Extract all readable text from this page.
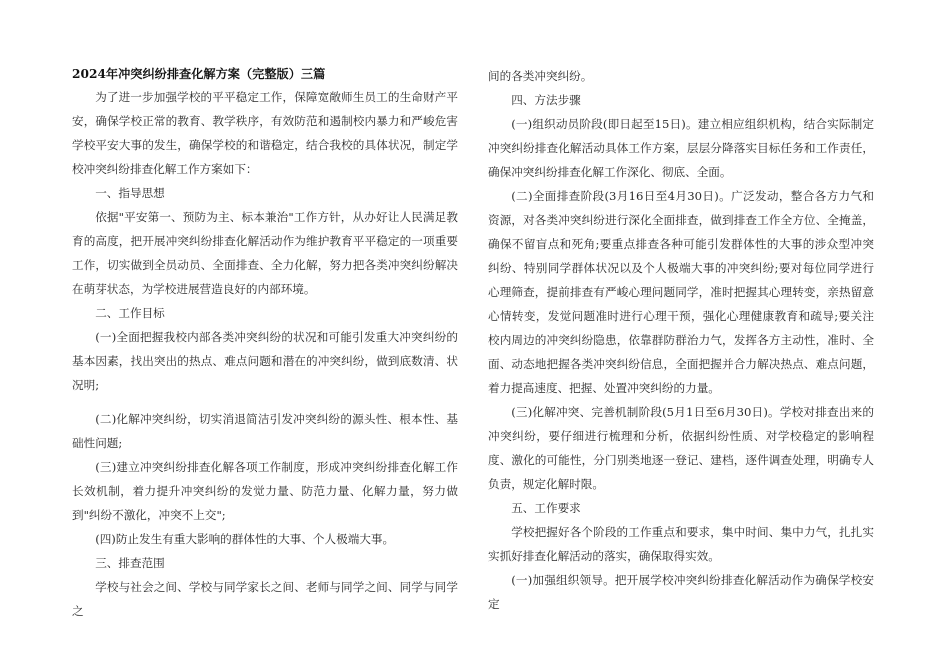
2024年冲突纠纷排查化解方案（完整版）三篇

为了进一步加强学校的平平稳定工作，保障宽敞师生员工的生命财产平安，确保学校正常的教育、教学秩序，有效防范和遏制校内暴力和严峻危害学校平安大事的发生，确保学校的和谐稳定，结合我校的具体状况，制定学校冲突纠纷排查化解工作方案如下：

一、指导思想

依据"平安第一、预防为主、标本兼治"工作方针，从办好让人民满足教育的高度，把开展冲突纠纷排查化解活动作为维护教育平平稳定的一项重要工作，切实做到全员动员、全面排查、全力化解，努力把各类冲突纠纷解决在萌芽状态，为学校进展营造良好的内部环境。

二、工作目标

(一)全面把握我校内部各类冲突纠纷的状况和可能引发重大冲突纠纷的基本因素，找出突出的热点、难点问题和潜在的冲突纠纷，做到底数清、状况明;

(二)化解冲突纠纷，切实消退简洁引发冲突纠纷的源头性、根本性、基础性问题;

(三)建立冲突纠纷排查化解各项工作制度，形成冲突纠纷排查化解工作长效机制，着力提升冲突纠纷的发觉力量、防范力量、化解力量，努力做到"纠纷不激化，冲突不上交";

(四)防止发生有重大影响的群体性的大事、个人极端大事。

三、排查范围

学校与社会之间、学校与同学家长之间、老师与同学之间、同学与同学之

间的各类冲突纠纷。

四、方法步骤

(一)组织动员阶段(即日起至15日)。建立相应组织机构，结合实际制定冲突纠纷排查化解活动具体工作方案，层层分降落实目标任务和工作责任，确保冲突纠纷排查化解工作深化、彻底、全面。

(二)全面排查阶段(3月16日至4月30日)。广泛发动，整合各方力气和资源，对各类冲突纠纷进行深化全面排查，做到排查工作全方位、全掩盖，确保不留盲点和死角;要重点排查各种可能引发群体性的大事的涉众型冲突纠纷、特别同学群体状况以及个人极端大事的冲突纠纷;要对每位同学进行心理筛查，提前排查有严峻心理问题同学，准时把握其心理转变，亲热留意心情转变，发觉问题准时进行心理干预，强化心理健康教育和疏导;要关注校内周边的冲突纠纷隐患，依靠群防群治力气，发挥各方主动性，准时、全面、动态地把握各类冲突纠纷信息，全面把握并合力解决热点、难点问题，着力提高速度、把握、处置冲突纠纷的力量。

(三)化解冲突、完善机制阶段(5月1日至6月30日)。学校对排查出来的冲突纠纷，要仔细进行梳理和分析，依据纠纷性质、对学校稳定的影响程度、激化的可能性，分门别类地逐一登记、建档，逐件调查处理，明确专人负责，规定化解时限。

五、工作要求

学校把握好各个阶段的工作重点和要求，集中时间、集中力气，扎扎实实抓好排查化解活动的落实，确保取得实效。

(一)加强组织领导。把开展学校冲突纠纷排查化解活动作为确保学校安定
